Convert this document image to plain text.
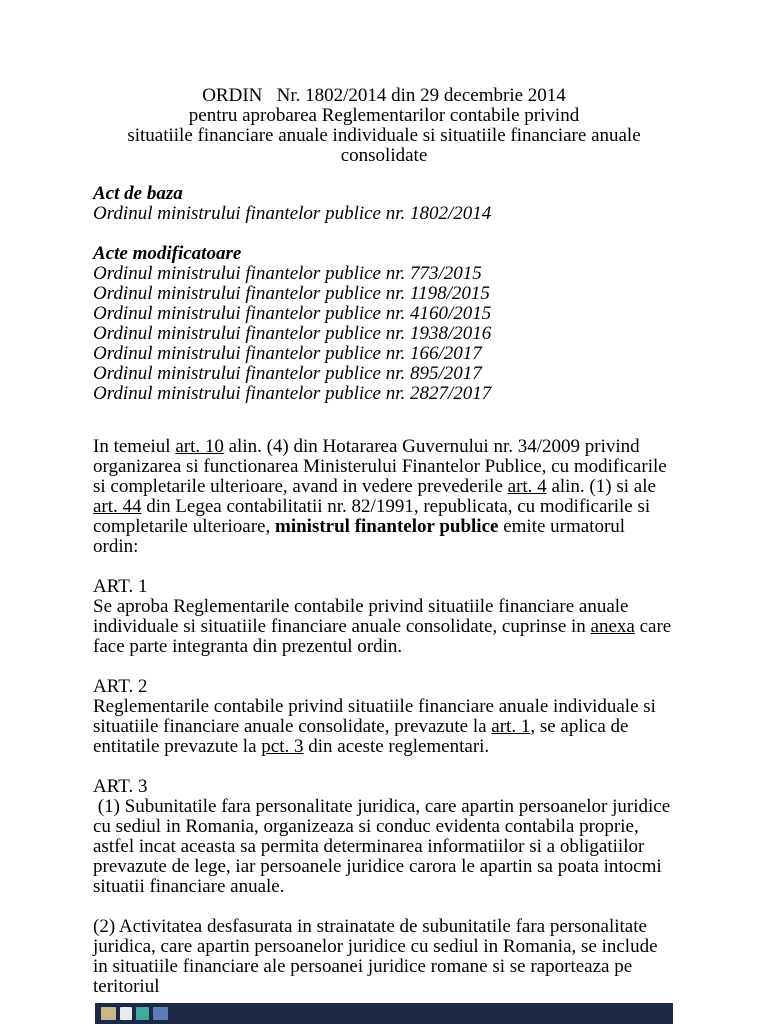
ORDIN   Nr. 1802/2014 din 29 decembrie 2014
pentru aprobarea Reglementarilor contabile privind
situatiile financiare anuale individuale si situatiile financiare anuale consolidate
Act de baza
Ordinul ministrului finantelor publice nr. 1802/2014
Acte modificatoare
Ordinul ministrului finantelor publice nr. 773/2015
Ordinul ministrului finantelor publice nr. 1198/2015
Ordinul ministrului finantelor publice nr. 4160/2015
Ordinul ministrului finantelor publice nr. 1938/2016
Ordinul ministrului finantelor publice nr. 166/2017
Ordinul ministrului finantelor publice nr. 895/2017
Ordinul ministrului finantelor publice nr. 2827/2017
In temeiul art. 10 alin. (4) din Hotararea Guvernului nr. 34/2009 privind organizarea si functionarea Ministerului Finantelor Publice, cu modificarile si completarile ulterioare, avand in vedere prevederile art. 4 alin. (1) si ale art. 44 din Legea contabilitatii nr. 82/1991, republicata, cu modificarile si completarile ulterioare, ministrul finantelor publice emite urmatorul ordin:
ART. 1
Se aproba Reglementarile contabile privind situatiile financiare anuale individuale si situatiile financiare anuale consolidate, cuprinse in anexa care face parte integranta din prezentul ordin.
ART. 2
Reglementarile contabile privind situatiile financiare anuale individuale si situatiile financiare anuale consolidate, prevazute la art. 1, se aplica de entitatile prevazute la pct. 3 din aceste reglementari.
ART. 3
(1) Subunitatile fara personalitate juridica, care apartin persoanelor juridice cu sediul in Romania, organizeaza si conduc evidenta contabila proprie, astfel incat aceasta sa permita determinarea informatiilor si a obligatiilor prevazute de lege, iar persoanele juridice carora le apartin sa poata intocmi situatii financiare anuale.
(2) Activitatea desfasurata in strainatate de subunitatile fara personalitate juridica, care apartin persoanelor juridice cu sediul in Romania, se include in situatiile financiare ale persoanei juridice romane si se raporteaza pe teritoriul
